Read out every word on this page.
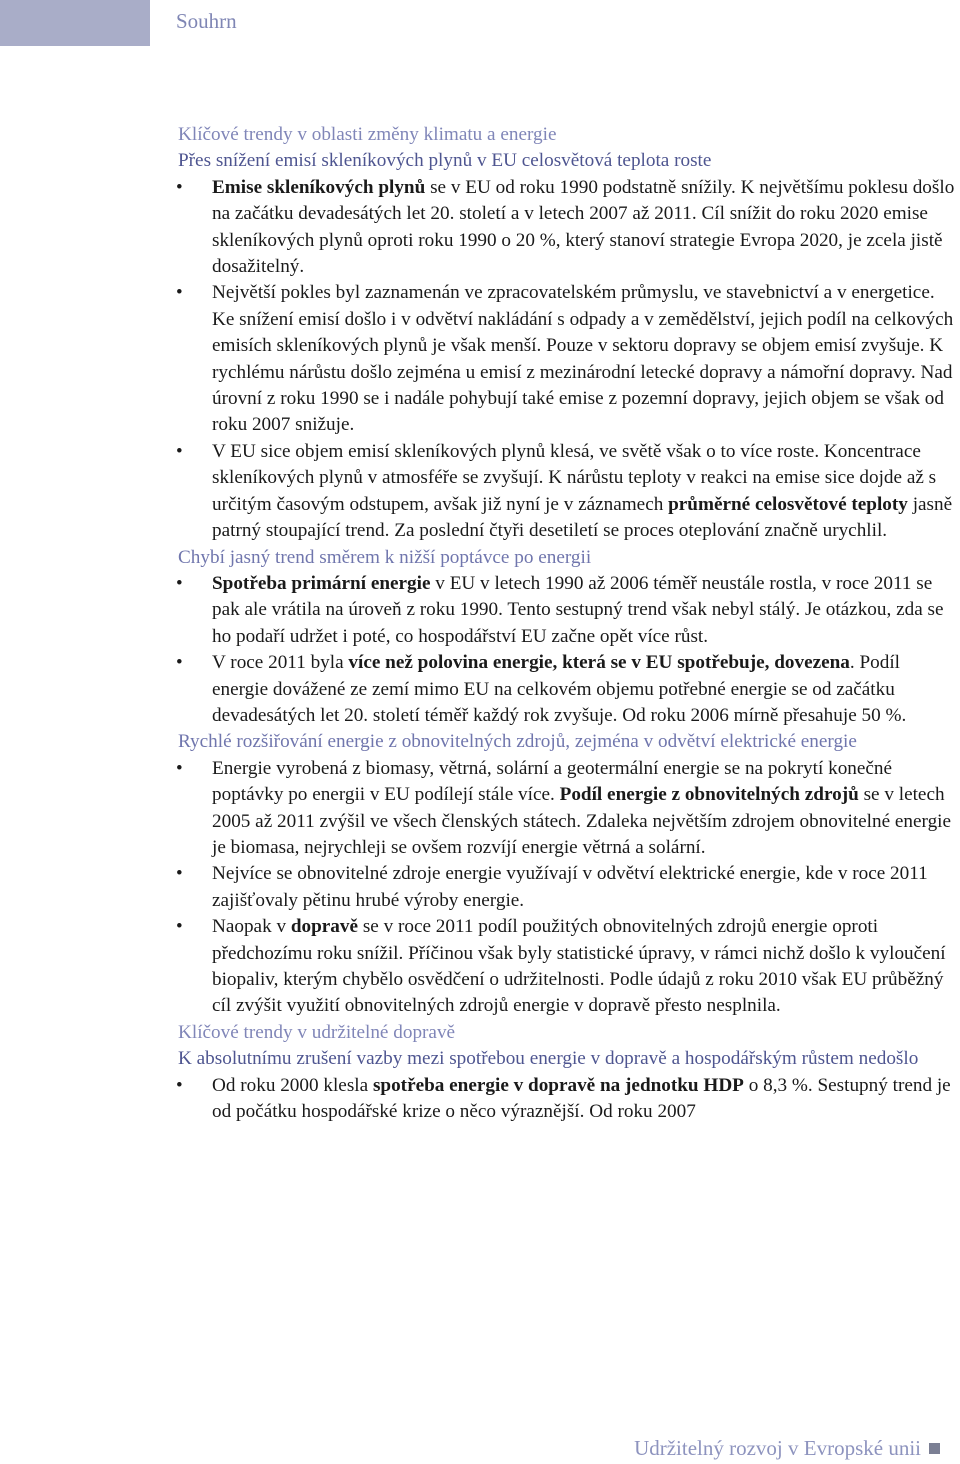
Souhrn

Klíčové trendy v oblasti změny klimatu a energie

Přes snížení emisí skleníkových plynů v EU celosvětová teplota roste

• Emise skleníkových plynů se v EU od roku 1990 podstatně snížily. K největšímu poklesu došlo na začátku devadesátých let 20. století a v letech 2007 až 2011. Cíl snížit do roku 2020 emise skleníkových plynů oproti roku 1990 o 20 %, který stanoví strategie Evropa 2020, je zcela jistě dosažitelný.
• Největší pokles byl zaznamenán ve zpracovatelském průmyslu, ve stavebnictví a v energetice. Ke snížení emisí došlo i v odvětví nakládání s odpady a v zemědělství, jejich podíl na celkových emisích skleníkových plynů je však menší. Pouze v sektoru dopravy se objem emisí zvyšuje. K rychlému nárůstu došlo zejména u emisí z mezinárodní letecké dopravy a námořní dopravy. Nad úrovní z roku 1990 se i nadále pohybují také emise z pozemní dopravy, jejich objem se však od roku 2007 snižuje.
• V EU sice objem emisí skleníkových plynů klesá, ve světě však o to více roste. Koncentrace skleníkových plynů v atmosféře se zvyšují. K nárůstu teploty v reakci na emise sice dojde až s určitým časovým odstupem, avšak již nyní je v záznamech průměrné celosvětové teploty jasně patrný stoupající trend. Za poslední čtyři desetiletí se proces oteplování značně urychlil.

Chybí jasný trend směrem k nižší poptávce po energii

• Spotřeba primární energie v EU v letech 1990 až 2006 téměř neustále rostla, v roce 2011 se pak ale vrátila na úroveň z roku 1990. Tento sestupný trend však nebyl stálý. Je otázkou, zda se ho podaří udržet i poté, co hospodářství EU začne opět více růst.
• V roce 2011 byla více než polovina energie, která se v EU spotřebuje, dovezena. Podíl energie dovážené ze zemí mimo EU na celkovém objemu potřebné energie se od začátku devadesátých let 20. století téměř každý rok zvyšuje. Od roku 2006 mírně přesahuje 50 %.

Rychlé rozšiřování energie z obnovitelných zdrojů, zejména v odvětví elektrické energie

• Energie vyrobená z biomasy, větrná, solární a geotermální energie se na pokrytí konečné poptávky po energii v EU podílejí stále více. Podíl energie z obnovitelných zdrojů se v letech 2005 až 2011 zvýšil ve všech členských státech. Zdaleka největším zdrojem obnovitelné energie je biomasa, nejrychleji se ovšem rozvíjí energie větrná a solární.
• Nejvíce se obnovitelné zdroje energie využívají v odvětví elektrické energie, kde v roce 2011 zajišťovaly pětinu hrubé výroby energie.
• Naopak v dopravě se v roce 2011 podíl použitých obnovitelných zdrojů energie oproti předchozímu roku snížil. Příčinou však byly statistické úpravy, v rámci nichž došlo k vyloučení biopaliv, kterým chybělo osvědčení o udržitelnosti. Podle údajů z roku 2010 však EU průběžný cíl zvýšit využití obnovitelných zdrojů energie v dopravě přesto nesplnila.

Klíčové trendy v udržitelné dopravě

K absolutnímu zrušení vazby mezi spotřebou energie v dopravě a hospodářským růstem nedošlo

• Od roku 2000 klesla spotřeba energie v dopravě na jednotku HDP o 8,3 %. Sestupný trend je od počátku hospodářské krize o něco výraznější. Od roku 2007
Udržitelný rozvoj v Evropské unii
